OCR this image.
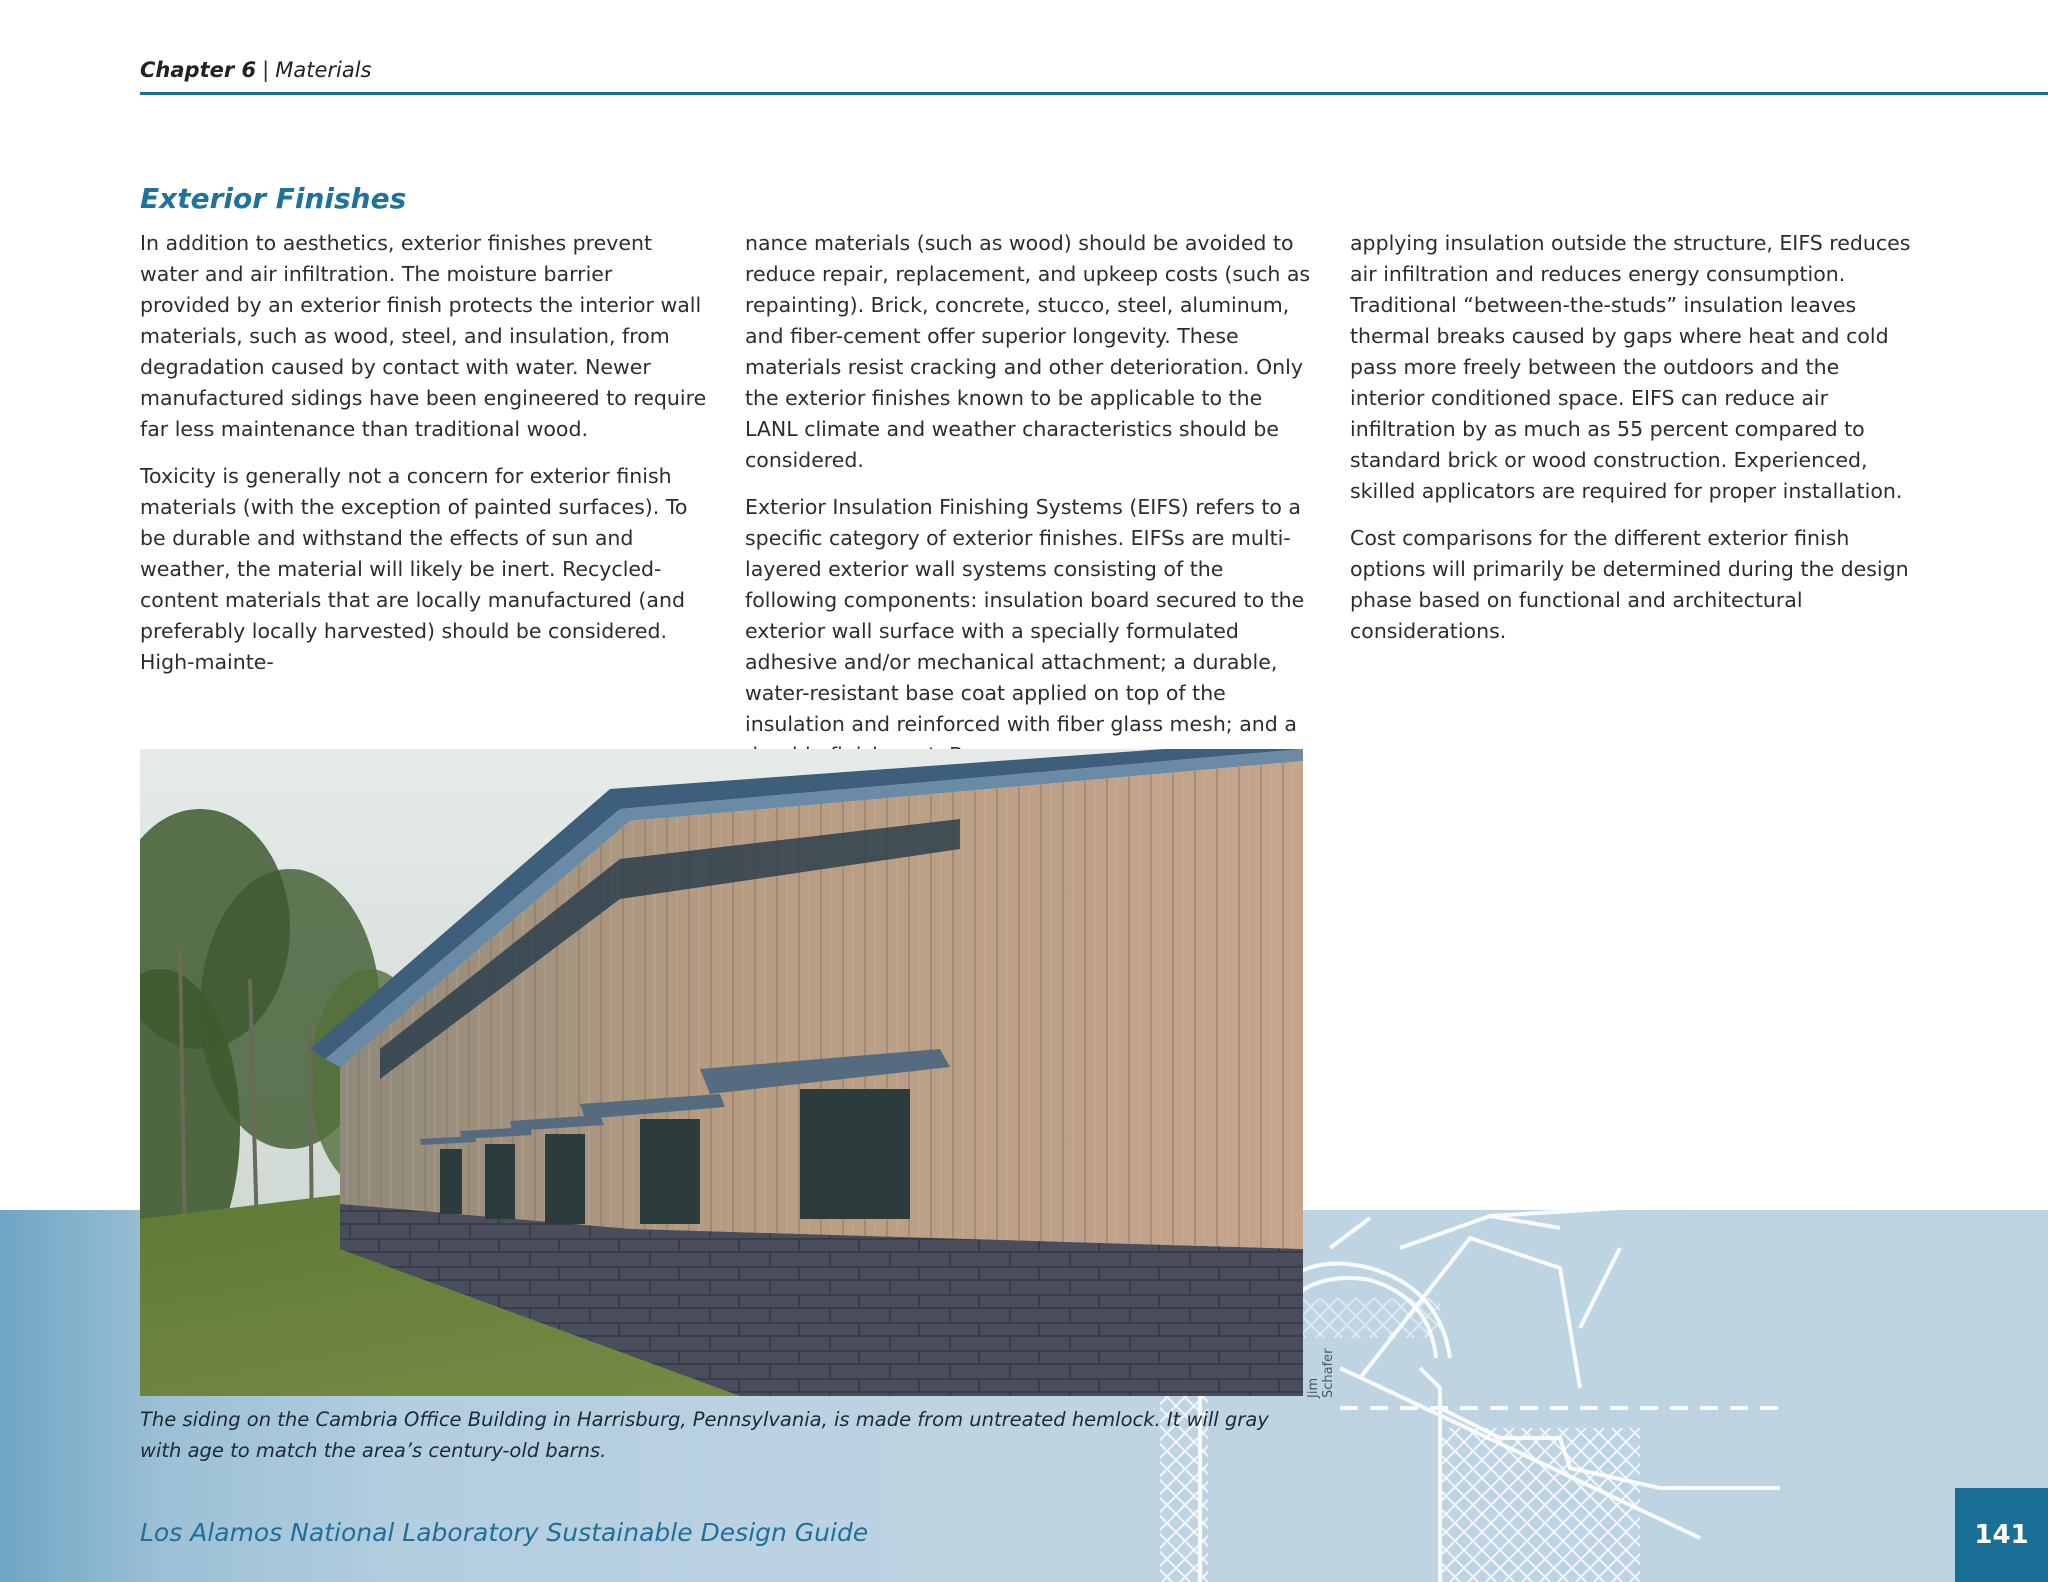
Chapter 6 | Materials
Exterior Finishes

In addition to aesthetics, exterior finishes prevent water and air infiltration. The moisture barrier provided by an exterior finish protects the interior wall materials, such as wood, steel, and insulation, from degradation caused by contact with water. Newer manufactured sidings have been engineered to require far less maintenance than traditional wood.

Toxicity is generally not a concern for exterior finish materials (with the exception of painted surfaces). To be durable and withstand the effects of sun and weather, the material will likely be inert. Recycled-content materials that are locally manufactured (and preferably locally harvested) should be considered. High-mainte-

nance materials (such as wood) should be avoided to reduce repair, replacement, and upkeep costs (such as repainting). Brick, concrete, stucco, steel, aluminum, and fiber-cement offer superior longevity. These materials resist cracking and other deterioration. Only the exterior finishes known to be applicable to the LANL climate and weather characteristics should be considered.

Exterior Insulation Finishing Systems (EIFS) refers to a specific category of exterior finishes. EIFSs are multi-layered exterior wall systems consisting of the following components: insulation board secured to the exterior wall surface with a specially formulated adhesive and/or mechanical attachment; a durable, water-resistant base coat applied on top of the insulation and reinforced with fiber glass mesh; and a

applying insulation outside the structure, EIFS reduces air infiltration and reduces energy consumption. Traditional “between-the-studs” insulation leaves thermal breaks caused by gaps where heat and cold pass more freely between the outdoors and the interior conditioned space. EIFS can reduce air infiltration by as much as 55 percent compared to standard brick or wood construction. Experienced, skilled applicators are required for proper installation.

Cost comparisons for the different exterior finish options will primarily be determined during the design phase based on functional and architectural considerations.

Jim Schafer
The siding on the Cambria Office Building in Harrisburg, Pennsylvania, is made from untreated hemlock. It will gray with age to match the area’s century-old barns.
Los Alamos National Laboratory Sustainable Design Guide	141
